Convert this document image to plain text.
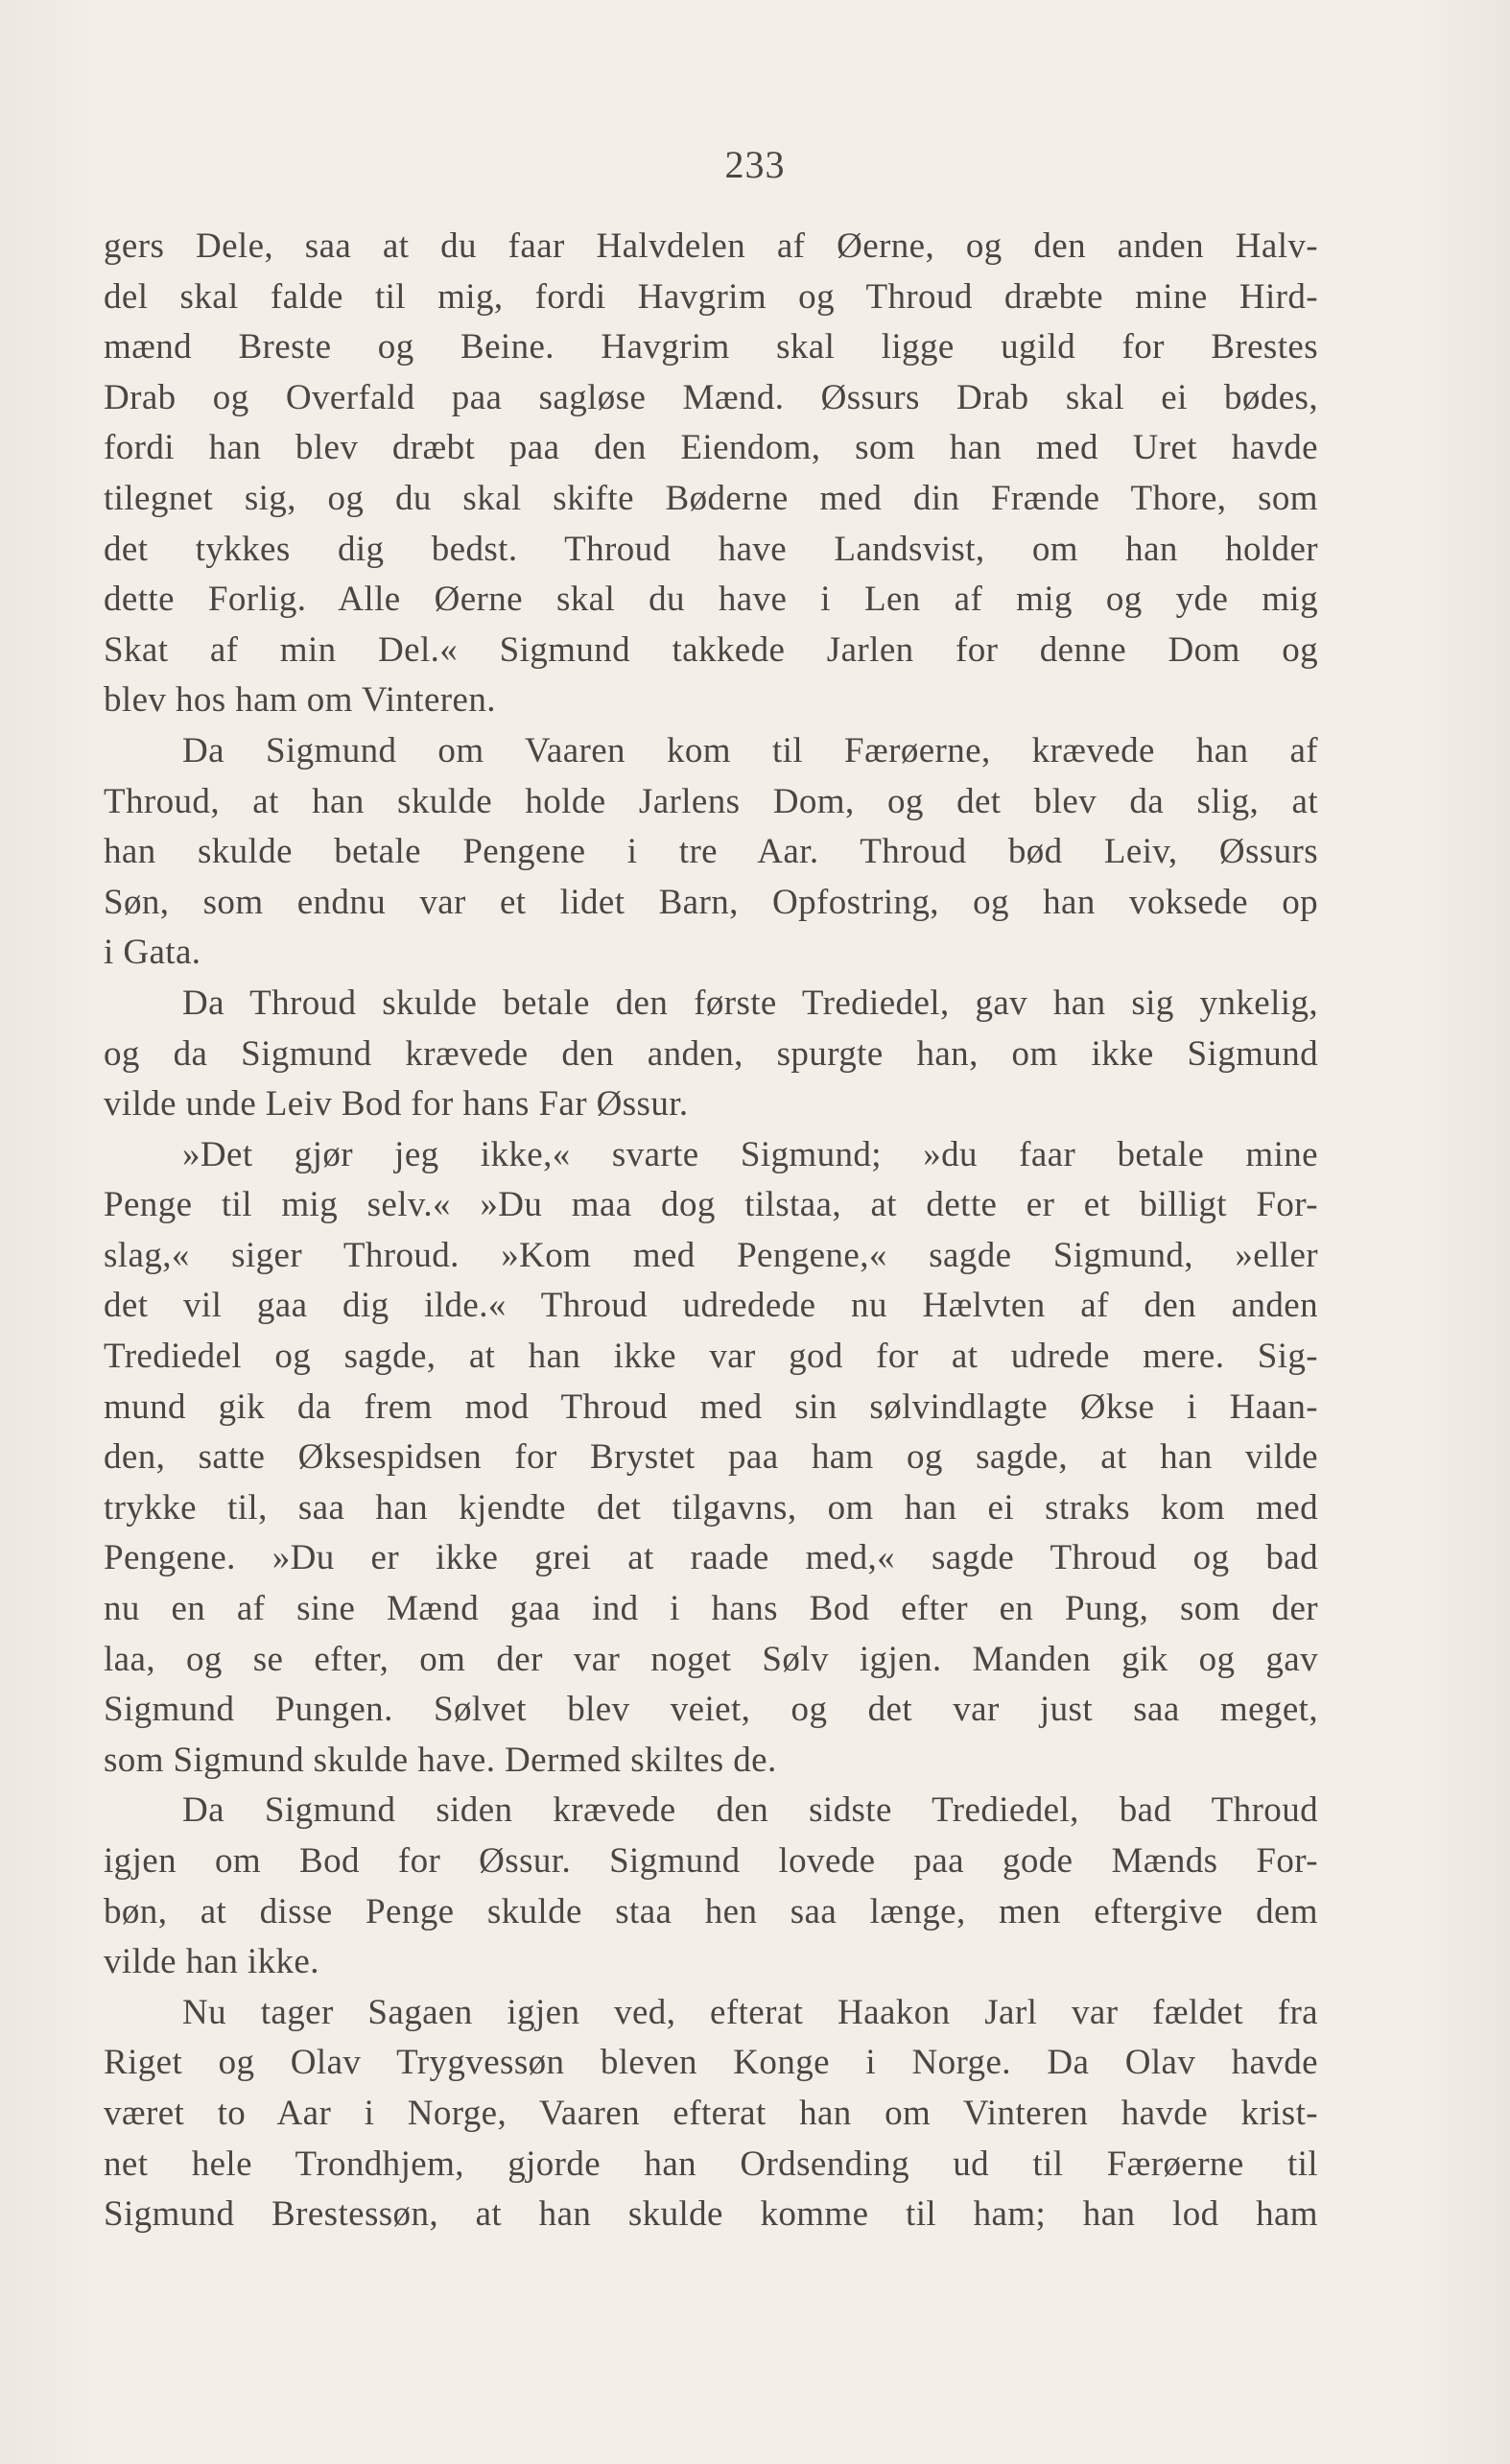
233
gers Dele, saa at du faar Halvdelen af Øerne, og den anden Halv-
del skal falde til mig, fordi Havgrim og Throud dræbte mine Hird-
mænd Breste og Beine. Havgrim skal ligge ugild for Brestes
Drab og Overfald paa sagløse Mænd. Øssurs Drab skal ei bødes,
fordi han blev dræbt paa den Eiendom, som han med Uret havde
tilegnet sig, og du skal skifte Bøderne med din Frænde Thore, som
det tykkes dig bedst. Throud have Landsvist, om han holder
dette Forlig. Alle Øerne skal du have i Len af mig og yde mig
Skat af min Del.« Sigmund takkede Jarlen for denne Dom og
blev hos ham om Vinteren.
Da Sigmund om Vaaren kom til Færøerne, krævede han af
Throud, at han skulde holde Jarlens Dom, og det blev da slig, at
han skulde betale Pengene i tre Aar. Throud bød Leiv, Øssurs
Søn, som endnu var et lidet Barn, Opfostring, og han voksede op
i Gata.
Da Throud skulde betale den første Trediedel, gav han sig ynkelig,
og da Sigmund krævede den anden, spurgte han, om ikke Sigmund
vilde unde Leiv Bod for hans Far Øssur.
»Det gjør jeg ikke,« svarte Sigmund; »du faar betale mine
Penge til mig selv.« »Du maa dog tilstaa, at dette er et billigt For-
slag,« siger Throud. »Kom med Pengene,« sagde Sigmund, »eller
det vil gaa dig ilde.« Throud udredede nu Hælvten af den anden
Trediedel og sagde, at han ikke var god for at udrede mere. Sig-
mund gik da frem mod Throud med sin sølvindlagte Økse i Haan-
den, satte Øksespidsen for Brystet paa ham og sagde, at han vilde
trykke til, saa han kjendte det tilgavns, om han ei straks kom med
Pengene. »Du er ikke grei at raade med,« sagde Throud og bad
nu en af sine Mænd gaa ind i hans Bod efter en Pung, som der
laa, og se efter, om der var noget Sølv igjen. Manden gik og gav
Sigmund Pungen. Sølvet blev veiet, og det var just saa meget,
som Sigmund skulde have. Dermed skiltes de.
Da Sigmund siden krævede den sidste Trediedel, bad Throud
igjen om Bod for Øssur. Sigmund lovede paa gode Mænds For-
bøn, at disse Penge skulde staa hen saa længe, men eftergive dem
vilde han ikke.
Nu tager Sagaen igjen ved, efterat Haakon Jarl var fældet fra
Riget og Olav Trygvessøn bleven Konge i Norge. Da Olav havde
været to Aar i Norge, Vaaren efterat han om Vinteren havde krist-
net hele Trondhjem, gjorde han Ordsending ud til Færøerne til
Sigmund Brestessøn, at han skulde komme til ham; han lod ham
